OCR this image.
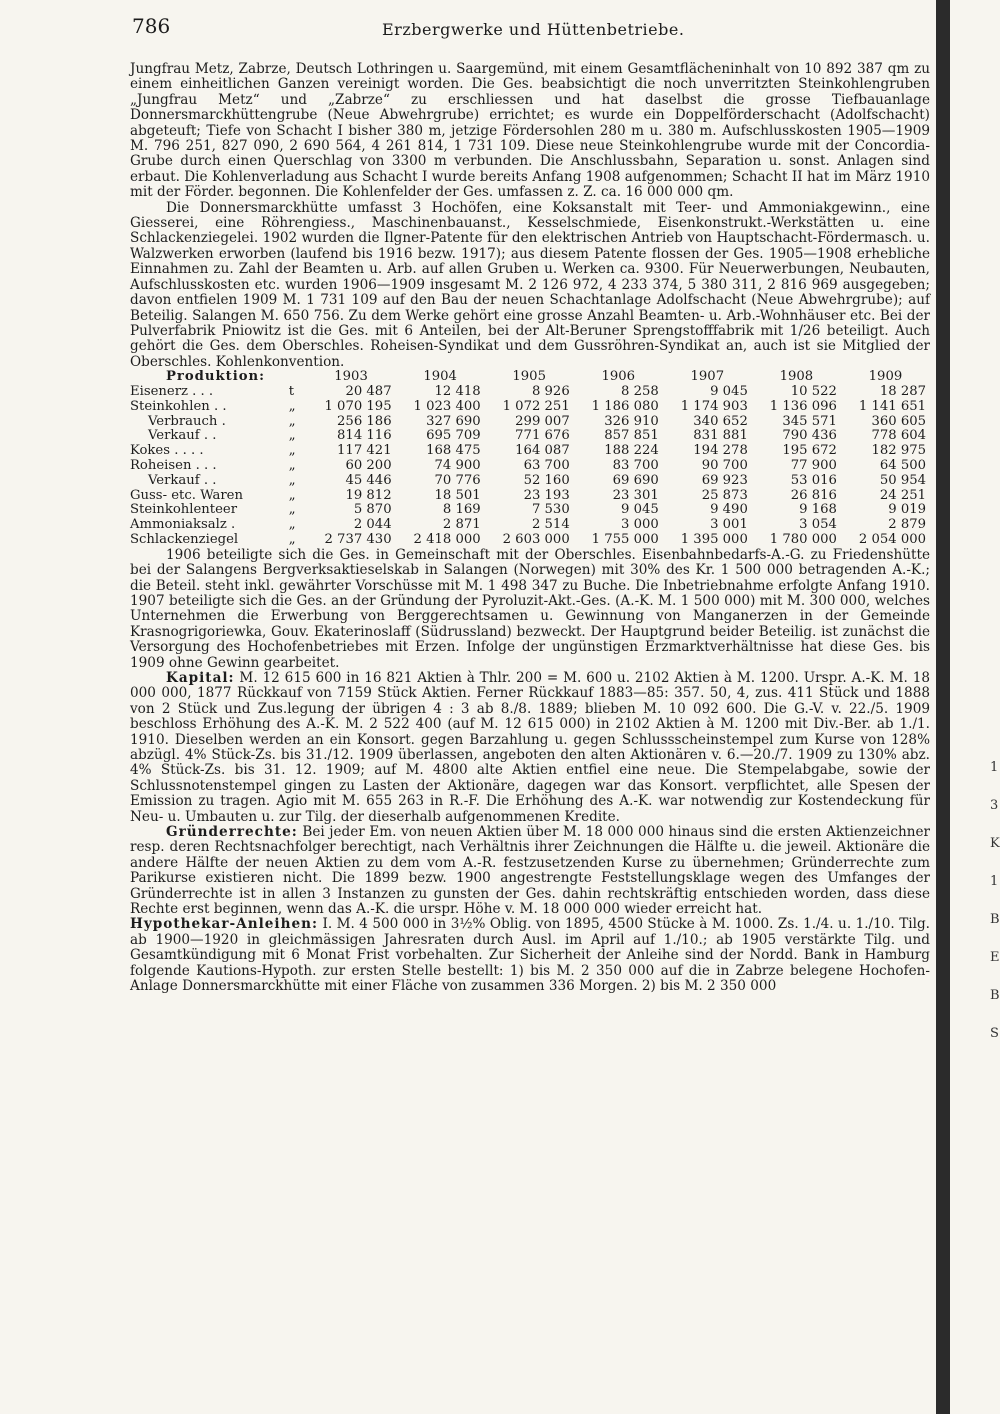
786	Erzbergwerke und Hüttenbetriebe.

Jungfrau Metz, Zabrze, Deutsch Lothringen u. Saargemünd, mit einem Gesamtflächeninhalt von 10 892 387 qm zu einem einheitlichen Ganzen vereinigt worden. Die Ges. beabsichtigt die noch unverritzten Steinkohlengruben „Jungfrau Metz“ und „Zabrze“ zu erschliessen und hat daselbst die grosse Tiefbauanlage Donnersmarckhüttengrube (Neue Abwehrgrube) errichtet; es wurde ein Doppelförderschacht (Adolfschacht) abgeteuft; Tiefe von Schacht I bisher 380 m, jetzige Fördersohlen 280 m u. 380 m. Aufschlusskosten 1905—1909 M. 796 251, 827 090, 2 690 564, 4 261 814, 1 731 109. Diese neue Steinkohlengrube wurde mit der Concordia-Grube durch einen Querschlag von 3300 m verbunden. Die Anschlussbahn, Separation u. sonst. Anlagen sind erbaut. Die Kohlenverladung aus Schacht I wurde bereits Anfang 1908 aufgenommen; Schacht II hat im März 1910 mit der Förder. begonnen. Die Kohlenfelder der Ges. umfassen z. Z. ca. 16 000 000 qm.

Die Donnersmarckhütte umfasst 3 Hochöfen, eine Koksanstalt mit Teer- und Ammoniakgewinn., eine Giesserei, eine Röhrengiess., Maschinenbauanst., Kesselschmiede, Eisenkonstrukt.-Werkstätten u. eine Schlackenziegelei. 1902 wurden die Ilgner-Patente für den elektrischen Antrieb von Hauptschacht-Fördermasch. u. Walzwerken erworben (laufend bis 1916 bezw. 1917); aus diesem Patente flossen der Ges. 1905—1908 erhebliche Einnahmen zu. Zahl der Beamten u. Arb. auf allen Gruben u. Werken ca. 9300. Für Neuerwerbungen, Neubauten, Aufschlusskosten etc. wurden 1906—1909 insgesamt M. 2 126 972, 4 233 374, 5 380 311, 2 816 969 ausgegeben; davon entfielen 1909 M. 1 731 109 auf den Bau der neuen Schachtanlage Adolfschacht (Neue Abwehrgrube); auf Beteilig. Salangen M. 650 756. Zu dem Werke gehört eine grosse Anzahl Beamten- u. Arb.-Wohnhäuser etc. Bei der Pulverfabrik Pniowitz ist die Ges. mit 6 Anteilen, bei der Alt-Beruner Sprengstofffabrik mit 1/26 beteiligt. Auch gehört die Ges. dem Oberschles. Roheisen-Syndikat und dem Gussröhren-Syndikat an, auch ist sie Mitglied der Oberschles. Kohlenkonvention.

Produktion:		1903	1904	1905	1906	1907	1908	1909
Eisenerz . . .	t	20 487	12 418	8 926	8 258	9 045	10 522	18 287
Steinkohlen . .	„	1 070 195	1 023 400	1 072 251	1 186 080	1 174 903	1 136 096	1 141 651
Verbrauch .	„	256 186	327 690	299 007	326 910	340 652	345 571	360 605
Verkauf . .	„	814 116	695 709	771 676	857 851	831 881	790 436	778 604
Kokes . . . .	„	117 421	168 475	164 087	188 224	194 278	195 672	182 975
Roheisen . . .	„	60 200	74 900	63 700	83 700	90 700	77 900	64 500
Verkauf . .	„	45 446	70 776	52 160	69 690	69 923	53 016	50 954
Guss- etc. Waren	„	19 812	18 501	23 193	23 301	25 873	26 816	24 251
Steinkohlenteer	„	5 870	8 169	7 530	9 045	9 490	9 168	9 019
Ammoniaksalz .	„	2 044	2 871	2 514	3 000	3 001	3 054	2 879
Schlackenziegel	„	2 737 430	2 418 000	2 603 000	1 755 000	1 395 000	1 780 000	2 054 000

1906 beteiligte sich die Ges. in Gemeinschaft mit der Oberschles. Eisenbahnbedarfs-A.-G. zu Friedenshütte bei der Salangens Bergverksaktieselskab in Salangen (Norwegen) mit 30% des Kr. 1 500 000 betragenden A.-K.; die Beteil. steht inkl. gewährter Vorschüsse mit M. 1 498 347 zu Buche. Die Inbetriebnahme erfolgte Anfang 1910. 1907 beteiligte sich die Ges. an der Gründung der Pyroluzit-Akt.-Ges. (A.-K. M. 1 500 000) mit M. 300 000, welches Unternehmen die Erwerbung von Berggerechtsamen u. Gewinnung von Manganerzen in der Gemeinde Krasnogrigoriewka, Gouv. Ekaterinoslaff (Südrussland) bezweckt. Der Hauptgrund beider Beteilig. ist zunächst die Versorgung des Hochofenbetriebes mit Erzen. Infolge der ungünstigen Erzmarktverhältnisse hat diese Ges. bis 1909 ohne Gewinn gearbeitet.

Kapital: M. 12 615 600 in 16 821 Aktien à Thlr. 200 = M. 600 u. 2102 Aktien à M. 1200. Urspr. A.-K. M. 18 000 000, 1877 Rückkauf von 7159 Stück Aktien. Ferner Rückkauf 1883—85: 357. 50, 4, zus. 411 Stück und 1888 von 2 Stück und Zus.legung der übrigen 4 : 3 ab 8./8. 1889; blieben M. 10 092 600. Die G.-V. v. 22./5. 1909 beschloss Erhöhung des A.-K. M. 2 522 400 (auf M. 12 615 000) in 2102 Aktien à M. 1200 mit Div.-Ber. ab 1./1. 1910. Dieselben werden an ein Konsort. gegen Barzahlung u. gegen Schlussscheinstempel zum Kurse von 128% abzügl. 4% Stück-Zs. bis 31./12. 1909 überlassen, angeboten den alten Aktionären v. 6.—20./7. 1909 zu 130% abz. 4% Stück-Zs. bis 31. 12. 1909; auf M. 4800 alte Aktien entfiel eine neue. Die Stempelabgabe, sowie der Schlussnotenstempel gingen zu Lasten der Aktionäre, dagegen war das Konsort. verpflichtet, alle Spesen der Emission zu tragen. Agio mit M. 655 263 in R.-F. Die Erhöhung des A.-K. war notwendig zur Kostendeckung für Neu- u. Umbauten u. zur Tilg. der dieserhalb aufgenommenen Kredite.

Gründerrechte: Bei jeder Em. von neuen Aktien über M. 18 000 000 hinaus sind die ersten Aktienzeichner resp. deren Rechtsnachfolger berechtigt, nach Verhältnis ihrer Zeichnungen die Hälfte u. die jeweil. Aktionäre die andere Hälfte der neuen Aktien zu dem vom A.-R. festzusetzenden Kurse zu übernehmen; Gründerrechte zum Parikurse existieren nicht. Die 1899 bezw. 1900 angestrengte Feststellungsklage wegen des Umfanges der Gründerrechte ist in allen 3 Instanzen zu gunsten der Ges. dahin rechtskräftig entschieden worden, dass diese Rechte erst beginnen, wenn das A.-K. die urspr. Höhe v. M. 18 000 000 wieder erreicht hat.

Hypothekar-Anleihen: I. M. 4 500 000 in 3½% Oblig. von 1895, 4500 Stücke à M. 1000. Zs. 1./4. u. 1./10. Tilg. ab 1900—1920 in gleichmässigen Jahresraten durch Ausl. im April auf 1./10.; ab 1905 verstärkte Tilg. und Gesamtkündigung mit 6 Monat Frist vorbehalten. Zur Sicherheit der Anleihe sind der Nordd. Bank in Hamburg folgende Kautions-Hypoth. zur ersten Stelle bestellt: 1) bis M. 2 350 000 auf die in Zabrze belegene Hochofen-Anlage Donnersmarckhütte mit einer Fläche von zusammen 336 Morgen. 2) bis M. 2 350 000

1
3
K
1
B
E
B
S
